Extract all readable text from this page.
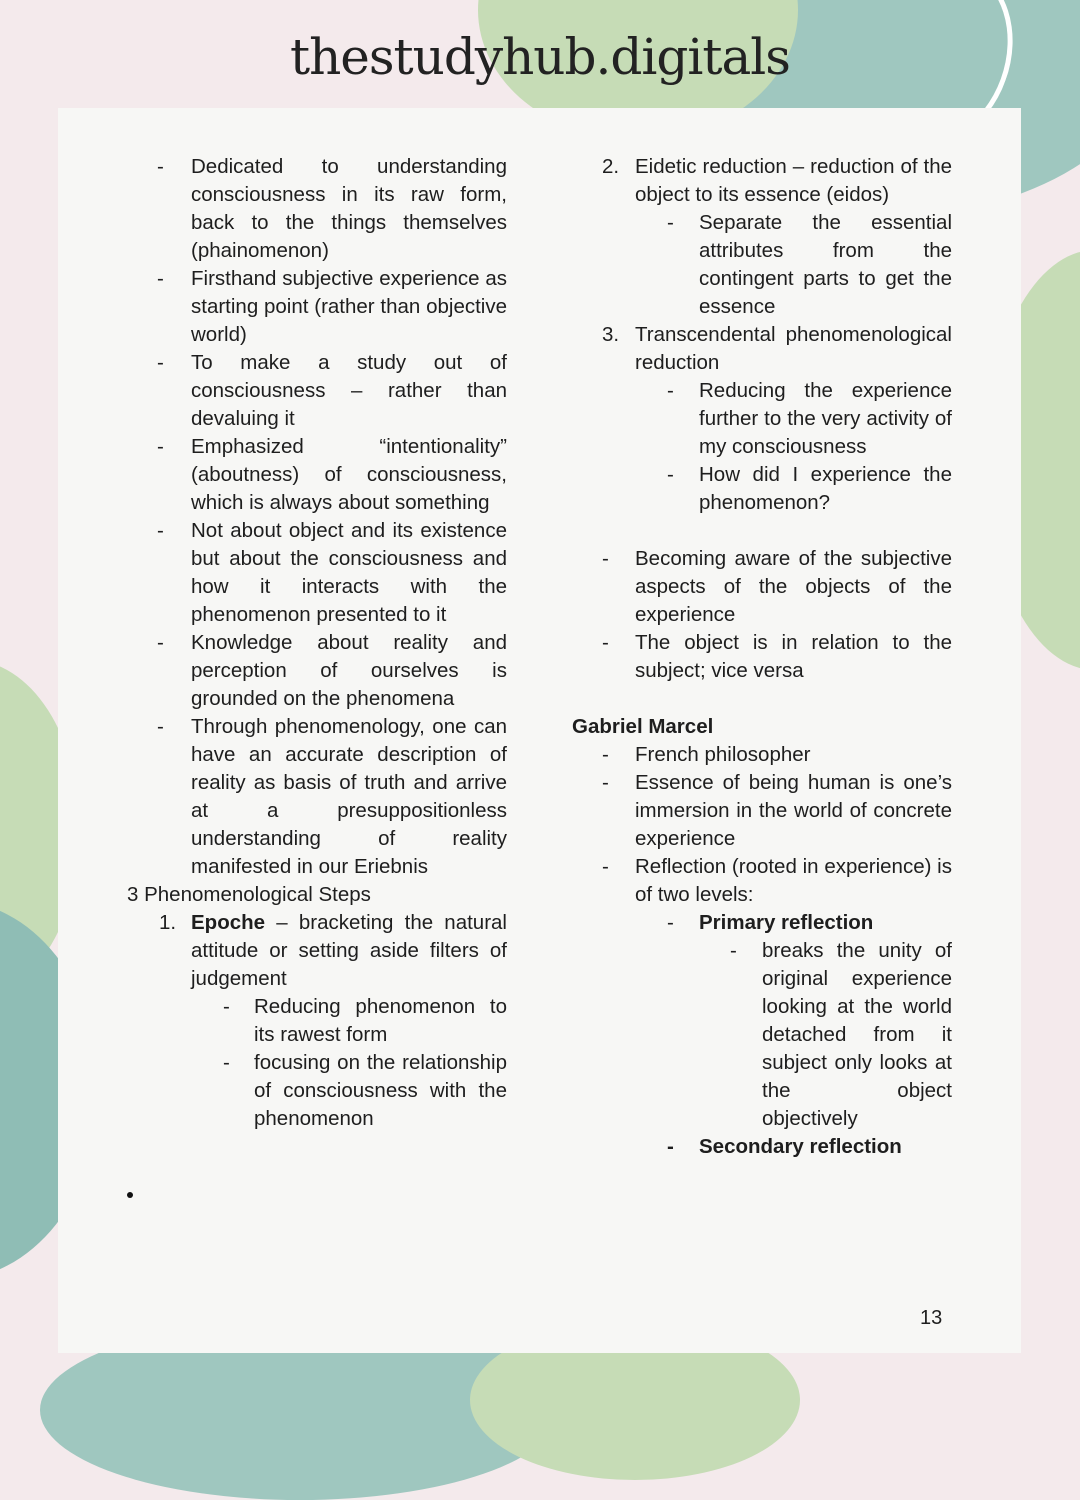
thestudyhub.digitals
- Dedicated to understanding consciousness in its raw form, back to the things themselves (phainomenon)
- Firsthand subjective experience as starting point (rather than objective world)
- To make a study out of consciousness – rather than devaluing it
- Emphasized “intentionality” (aboutness) of consciousness, which is always about something
- Not about object and its existence but about the consciousness and how it interacts with the phenomenon presented to it
- Knowledge about reality and perception of ourselves is grounded on the phenomena
- Through phenomenology, one can have an accurate description of reality as basis of truth and arrive at a presuppositionless understanding of reality manifested in our Eriebnis
3 Phenomenological Steps
1. Epoche – bracketing the natural attitude or setting aside filters of judgement
- Reducing phenomenon to its rawest form
- focusing on the relationship of consciousness with the phenomenon
2. Eidetic reduction – reduction of the object to its essence (eidos)
- Separate the essential attributes from the contingent parts to get the essence
3. Transcendental phenomenological reduction
- Reducing the experience further to the very activity of my consciousness
- How did I experience the phenomenon?
- Becoming aware of the subjective aspects of the objects of the experience
- The object is in relation to the subject; vice versa
Gabriel Marcel
- French philosopher
- Essence of being human is one’s immersion in the world of concrete experience
- Reflection (rooted in experience) is of two levels:
- Primary reflection
- breaks the unity of original experience looking at the world detached from it subject only looks at the object objectively
- Secondary reflection
13
